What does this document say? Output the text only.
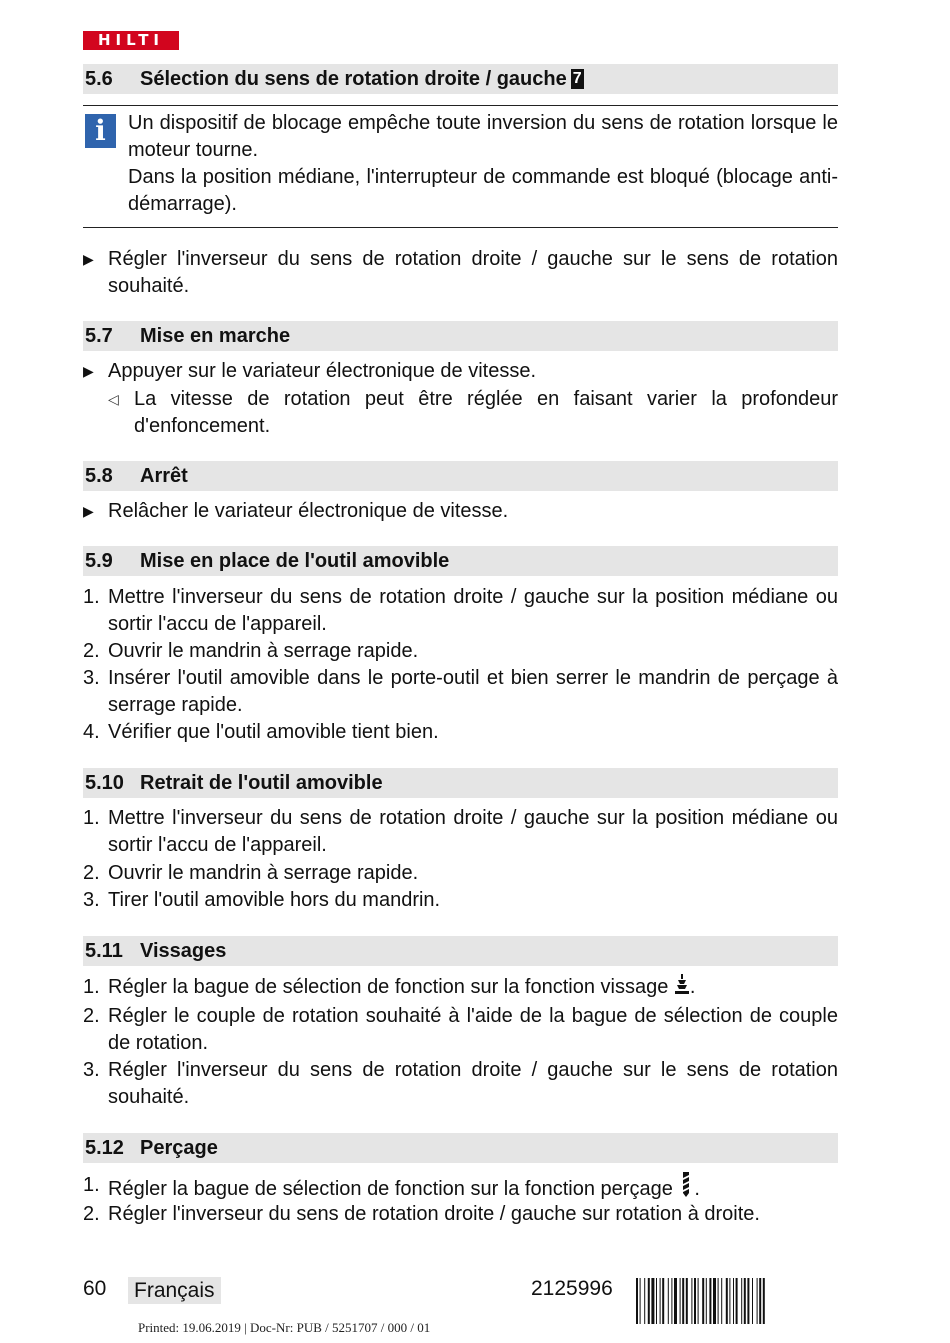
HILTI
5.6 Sélection du sens de rotation droite / gauche 7
i	Un dispositif de blocage empêche toute inversion du sens de rotation lorsque le moteur tourne.

Dans la position médiane, l'interrupteur de commande est bloqué (blocage anti-démarrage).

▶ Régler l'inverseur du sens de rotation droite / gauche sur le sens de rotation souhaité.
5.7 Mise en marche
▶ Appuyer sur le variateur électronique de vitesse.
◁ La vitesse de rotation peut être réglée en faisant varier la profondeur d'enfoncement.
5.8 Arrêt
▶ Relâcher le variateur électronique de vitesse.
5.9 Mise en place de l'outil amovible
1. Mettre l'inverseur du sens de rotation droite / gauche sur la position médiane ou sortir l'accu de l'appareil.
2. Ouvrir le mandrin à serrage rapide.
3. Insérer l'outil amovible dans le porte-outil et bien serrer le mandrin de perçage à serrage rapide.
4. Vérifier que l'outil amovible tient bien.
5.10 Retrait de l'outil amovible
1. Mettre l'inverseur du sens de rotation droite / gauche sur la position médiane ou sortir l'accu de l'appareil.
2. Ouvrir le mandrin à serrage rapide.
3. Tirer l'outil amovible hors du mandrin.
5.11 Vissages
1. Régler la bague de sélection de fonction sur la fonction vissage .
2. Régler le couple de rotation souhaité à l'aide de la bague de sélection de couple de rotation.
3. Régler l'inverseur du sens de rotation droite / gauche sur le sens de rotation souhaité.
5.12 Perçage
1. Régler la bague de sélection de fonction sur la fonction perçage .
2. Régler l'inverseur du sens de rotation droite / gauche sur rotation à droite.
60 Français	2125996
Printed: 19.06.2019 | Doc-Nr: PUB / 5251707 / 000 / 01
